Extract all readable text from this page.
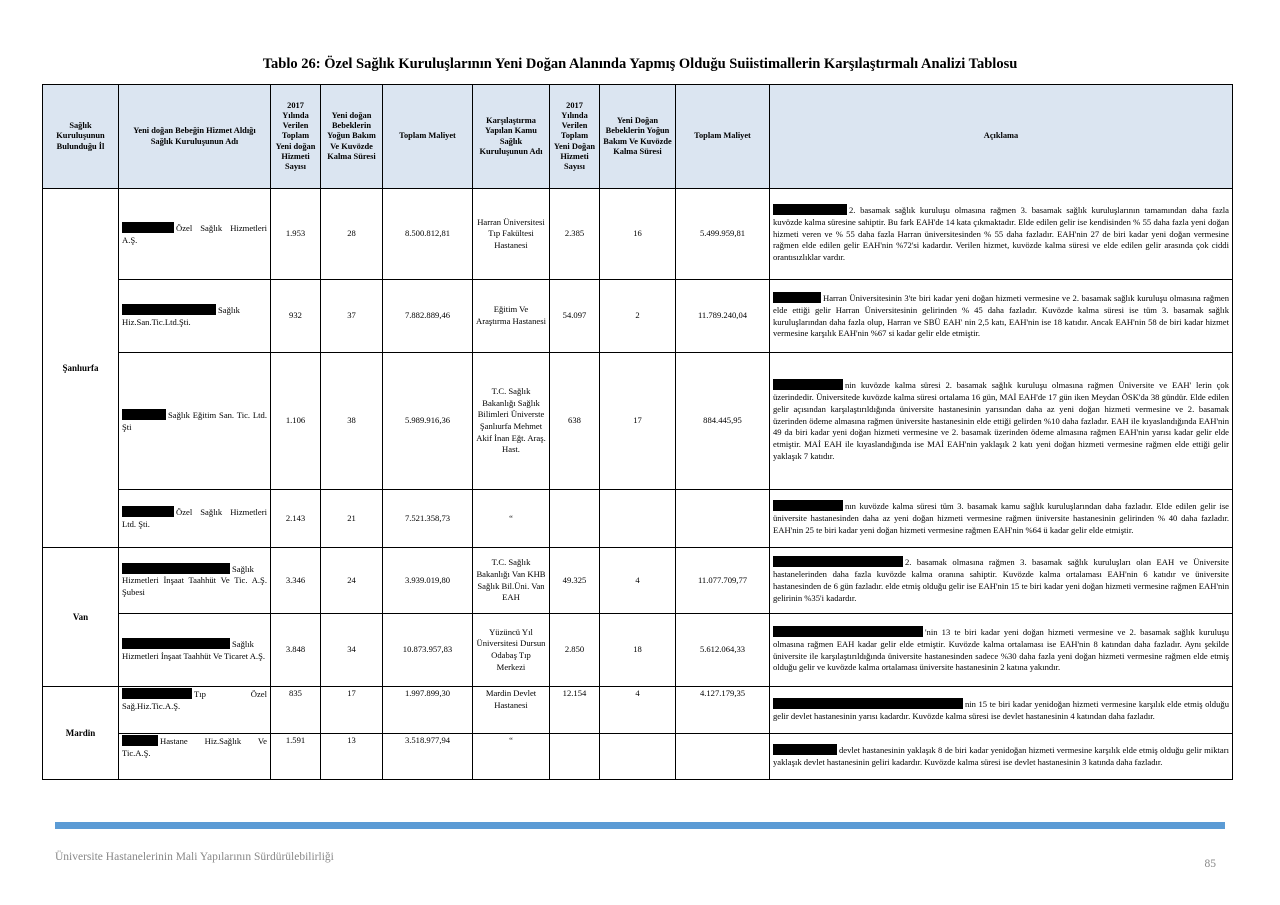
Tablo 26: Özel Sağlık Kuruluşlarının Yeni Doğan Alanında Yapmış Olduğu Suiistimallerin Karşılaştırmalı Analizi Tablosu
Sağlık Kuruluşunun Bulunduğu İl	Yeni doğan Bebeğin Hizmet Aldığı Sağlık Kuruluşunun Adı	2017 Yılında Verilen Toplam Yeni doğan Hizmeti Sayısı	Yeni doğan Bebeklerin Yoğun Bakım Ve Kuvözde Kalma Süresi	Toplam Maliyet	Karşılaştırma Yapılan Kamu Sağlık Kuruluşunun Adı	2017 Yılında Verilen Toplam Yeni Doğan Hizmeti Sayısı	Yeni Doğan Bebeklerin Yoğun Bakım Ve Kuvözde Kalma Süresi	Toplam Maliyet	Açıklama
Şanlıurfa	Özel Sağlık Hizmetleri A.Ş.	1.953	28	8.500.812,81	Harran Üniversitesi Tıp Fakültesi Hastanesi	2.385	16	5.499.959,81	2. basamak sağlık kuruluşu olmasına rağmen 3. basamak sağlık kuruluşlarının tamamından daha fazla kuvözde kalma süresine sahiptir. Bu fark EAH'de 14 kata çıkmaktadır. Elde edilen gelir ise kendisinden % 55 daha fazla yeni doğan hizmeti veren ve % 55 daha fazla Harran üniversitesinden % 55 daha fazladır. EAH'nin 27 de biri kadar yeni doğan vermesine rağmen elde edilen gelir EAH'nin %72'si kadardır. Verilen hizmet, kuvözde kalma süresi ve elde edilen gelir arasında çok ciddi orantısızlıklar vardır.
	Sağlık Hiz.San.Tic.Ltd.Şti.	932	37	7.882.889,46	Eğitim Ve Araştırma Hastanesi	54.097	2	11.789.240,04	Harran Üniversitesinin 3'te biri kadar yeni doğan hizmeti vermesine ve 2. basamak sağlık kuruluşu olmasına rağmen elde ettiği gelir Harran Üniversitesinin gelirinden % 45 daha fazladır. Kuvözde kalma süresi ise tüm 3. basamak sağlık kuruluşlarından daha fazla olup, Harran ve SBÜ EAH' nin 2,5 katı, EAH'nin ise 18 katıdır. Ancak EAH'nin 58 de biri kadar hizmet vermesine karşılık EAH'nin %67 si kadar gelir elde etmiştir.
	Sağlık Eğitim San. Tic. Ltd. Şti	1.106	38	5.989.916,36	T.C. Sağlık Bakanlığı Sağlık Bilimleri Üniverste Şanlıurfa Mehmet Akif İnan Eğt. Araş. Hast.	638	17	884.445,95	nin kuvözde kalma süresi 2. basamak sağlık kuruluşu olmasına rağmen Üniversite ve EAH' lerin çok üzerindedir. Üniversitede kuvözde kalma süresi ortalama 16 gün, MAİ EAH'de 17 gün iken Meydan ÖSK'da 38 gündür. Elde edilen gelir açısından karşılaştırıldığında üniversite hastanesinin yarısından daha az yeni doğan hizmeti vermesine ve 2. basamak üzerinden ödeme almasına rağmen üniversite hastanesinin elde ettiği gelirden %10 daha fazladır. EAH ile kıyaslandığında EAH'nin 49 da biri kadar yeni doğan hizmeti vermesine ve 2. basamak üzerinden ödeme almasına rağmen EAH'nin yarısı kadar gelir elde etmiştir. MAİ EAH ile kıyaslandığında ise MAİ EAH'nin yaklaşık 2 katı yeni doğan hizmeti vermesine rağmen elde ettiği gelir yaklaşık 7 katıdır.
	Özel Sağlık Hizmetleri Ltd. Şti.	2.143	21	7.521.358,73	“				nın kuvözde kalma süresi tüm 3. basamak kamu sağlık kuruluşlarından daha fazladır. Elde edilen gelir ise üniversite hastanesinden daha az yeni doğan hizmeti vermesine rağmen üniversite hastanesinin gelirinden % 40 daha fazladır. EAH'nin 25 te biri kadar yeni doğan hizmeti vermesine rağmen EAH'nin %64 ü kadar gelir elde etmiştir.
Van	Sağlık Hizmetleri İnşaat Taahhüt Ve Tic. A.Ş. Şubesi	3.346	24	3.939.019,80	T.C. Sağlık Bakanlığı Van KHB Sağlık Bil.Üni. Van EAH	49.325	4	11.077.709,77	2. basamak olmasına rağmen 3. basamak sağlık kuruluşları olan EAH ve Üniversite hastanelerinden daha fazla kuvözde kalma oranına sahiptir. Kuvözde kalma ortalaması EAH'nin 6 katıdır ve üniversite hastanesinden de 6 gün fazladır. elde etmiş olduğu gelir ise EAH'nin 15 te biri kadar yeni doğan hizmeti vermesine rağmen EAH'nin gelirinin %35'i kadardır.
	Sağlık Hizmetleri İnşaat Taahhüt Ve Ticaret A.Ş.	3.848	34	10.873.957,83	Yüzüncü Yıl Üniversitesi Dursun Odabaş Tıp Merkezi	2.850	18	5.612.064,33	'nin 13 te biri kadar yeni doğan hizmeti vermesine ve 2. basamak sağlık kuruluşu olmasına rağmen EAH kadar gelir elde etmiştir. Kuvözde kalma ortalaması ise EAH'nin 8 katından daha fazladır. Aynı şekilde üniversite ile karşılaştırıldığında üniversite hastanesinden sadece %30 daha fazla yeni doğan hizmeti vermesine rağmen elde etmiş olduğu gelir ve kuvözde kalma ortalaması üniversite hastanesinin 2 katına yakındır.
Mardin	Tıp Özel Sağ.Hiz.Tic.A.Ş.	835	17	1.997.899,30	Mardin Devlet Hastanesi	12.154	4	4.127.179,35	nin 15 te biri kadar yenidoğan hizmeti vermesine karşılık elde etmiş olduğu gelir devlet hastanesinin yarısı kadardır. Kuvözde kalma süresi ise devlet hastanesinin 4 katından daha fazladır.
	Hastane Hiz.Sağlık Ve Tic.A.Ş.	1.591	13	3.518.977,94	“				devlet hastanesinin yaklaşık 8 de biri kadar yenidoğan hizmeti vermesine karşılık elde etmiş olduğu gelir miktarı yaklaşık devlet hastanesinin geliri kadardır. Kuvözde kalma süresi ise devlet hastanesinin 3 katında daha fazladır.
Üniversite Hastanelerinin Mali Yapılarının Sürdürülebilirliği
85
